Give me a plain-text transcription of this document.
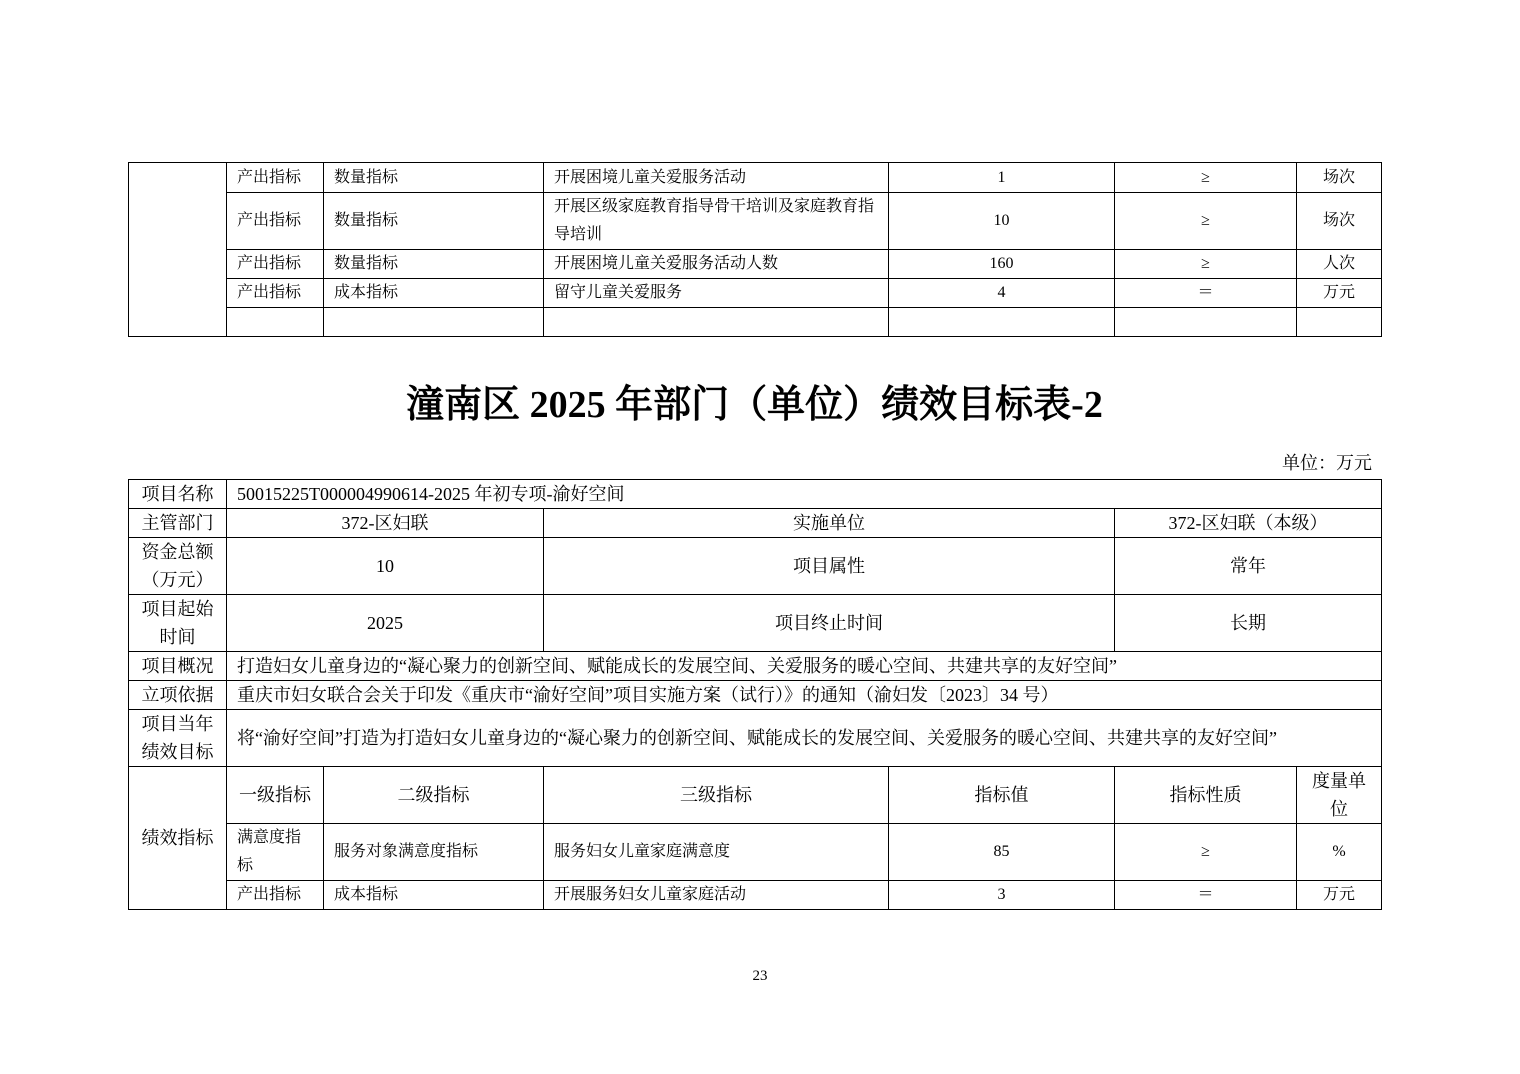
	产出指标	数量指标	开展困境儿童关爱服务活动	1	≥	场次
	产出指标	数量指标	开展区级家庭教育指导骨干培训及家庭教育指导培训	10	≥	场次
	产出指标	数量指标	开展困境儿童关爱服务活动人数	160	≥	人次
	产出指标	成本指标	留守儿童关爱服务	4	＝	万元

潼南区 2025 年部门（单位）绩效目标表-2
单位：万元
项目名称	50015225T000004990614-2025 年初专项-渝好空间					
主管部门	372-区妇联		实施单位		372-区妇联（本级）	
资金总额（万元）	10		项目属性		常年	
项目起始时间	2025		项目终止时间		长期	
项目概况	打造妇女儿童身边的“凝心聚力的创新空间、赋能成长的发展空间、关爱服务的暖心空间、共建共享的友好空间”					
立项依据	重庆市妇女联合会关于印发《重庆市“渝好空间”项目实施方案（试行）》的通知（渝妇发〔2023〕34 号）					
项目当年绩效目标	将“渝好空间”打造为打造妇女儿童身边的“凝心聚力的创新空间、赋能成长的发展空间、关爱服务的暖心空间、共建共享的友好空间”					
绩效指标	一级指标	二级指标	三级指标	指标值	指标性质	度量单位
	满意度指标	服务对象满意度指标	服务妇女儿童家庭满意度	85	≥	%
	产出指标	成本指标	开展服务妇女儿童家庭活动	3	＝	万元
23
